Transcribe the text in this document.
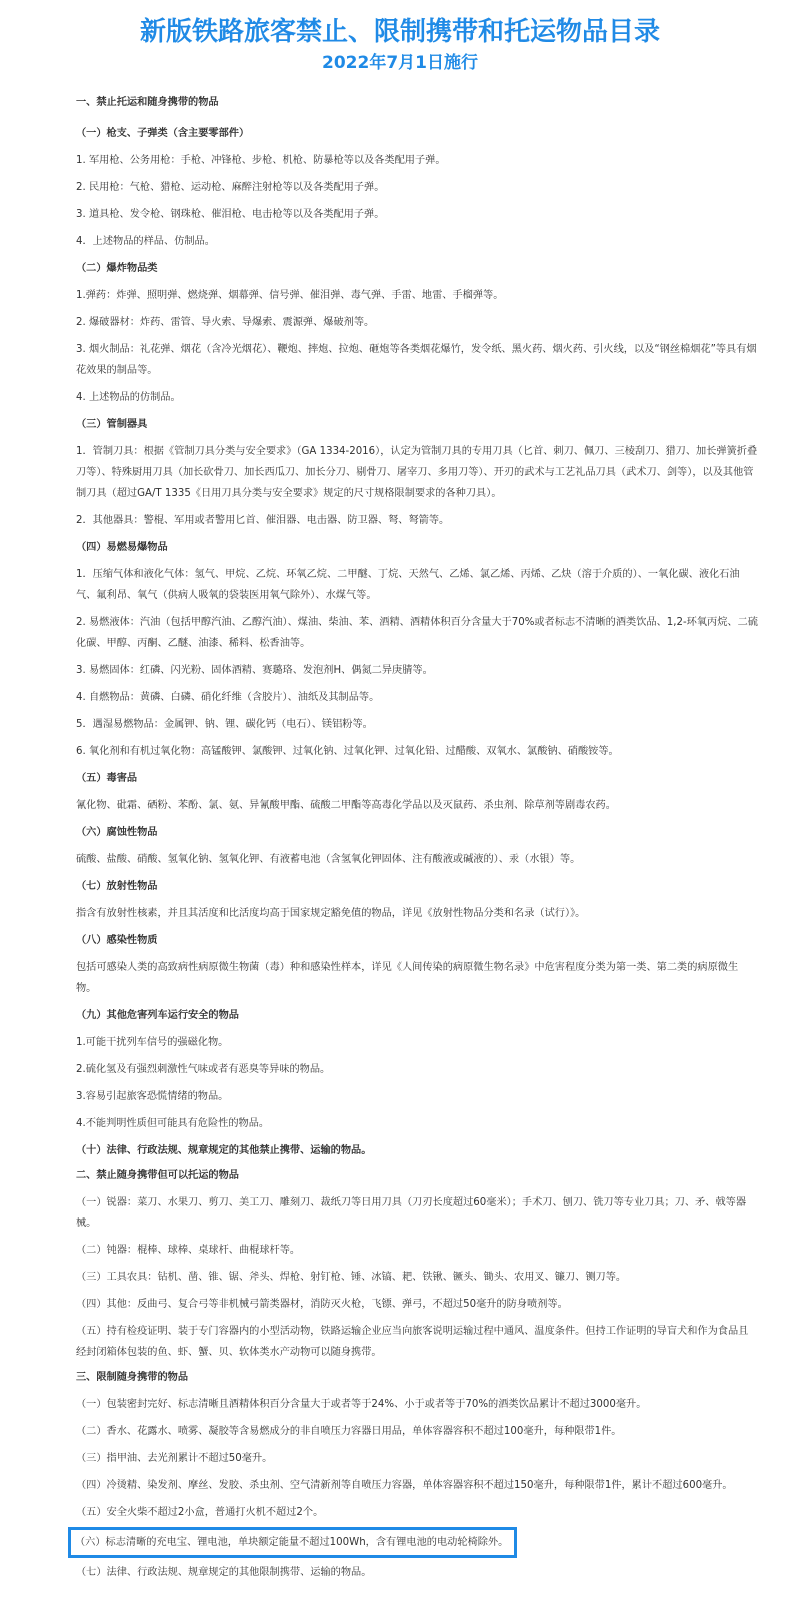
新版铁路旅客禁止、限制携带和托运物品目录
2022年7月1日施行

一、禁止托运和随身携带的物品

（一）枪支、子弹类（含主要零部件）

1. 军用枪、公务用枪：手枪、冲锋枪、步枪、机枪、防暴枪等以及各类配用子弹。

2. 民用枪：气枪、猎枪、运动枪、麻醉注射枪等以及各类配用子弹。

3. 道具枪、发令枪、钢珠枪、催泪枪、电击枪等以及各类配用子弹。

4．上述物品的样品、仿制品。

（二）爆炸物品类

1.弹药：炸弹、照明弹、燃烧弹、烟幕弹、信号弹、催泪弹、毒气弹、手雷、地雷、手榴弹等。

2. 爆破器材：炸药、雷管、导火索、导爆索、震源弹、爆破剂等。

3. 烟火制品：礼花弹、烟花（含冷光烟花）、鞭炮、摔炮、拉炮、砸炮等各类烟花爆竹，发令纸、黑火药、烟火药、引火线，以及“钢丝棉烟花”等具有烟花效果的制品等。

4. 上述物品的仿制品。

（三）管制器具

1．管制刀具：根据《管制刀具分类与安全要求》（GA 1334-2016），认定为管制刀具的专用刀具（匕首、刺刀、佩刀、三棱刮刀、猎刀、加长弹簧折叠刀等）、特殊厨用刀具（加长砍骨刀、加长西瓜刀、加长分刀、剔骨刀、屠宰刀、多用刀等）、开刃的武术与工艺礼品刀具（武术刀、剑等），以及其他管制刀具（超过GA/T 1335《日用刀具分类与安全要求》规定的尺寸规格限制要求的各种刀具）。

2．其他器具：警棍、军用或者警用匕首、催泪器、电击器、防卫器、弩、弩箭等。

（四）易燃易爆物品

1．压缩气体和液化气体：氢气、甲烷、乙烷、环氧乙烷、二甲醚、丁烷、天然气、乙烯、氯乙烯、丙烯、乙炔（溶于介质的）、一氧化碳、液化石油气、氟利昂、氧气（供病人吸氧的袋装医用氧气除外）、水煤气等。

2. 易燃液体：汽油（包括甲醇汽油、乙醇汽油）、煤油、柴油、苯、酒精、酒精体积百分含量大于70%或者标志不清晰的酒类饮品、1,2-环氧丙烷、二硫化碳、甲醇、丙酮、乙醚、油漆、稀料、松香油等。

3. 易燃固体：红磷、闪光粉、固体酒精、赛璐珞、发泡剂H、偶氮二异庚腈等。

4. 自燃物品：黄磷、白磷、硝化纤维（含胶片）、油纸及其制品等。

5．遇湿易燃物品：金属钾、钠、锂、碳化钙（电石）、镁铝粉等。

6. 氧化剂和有机过氧化物：高锰酸钾、氯酸钾、过氧化钠、过氧化钾、过氧化铅、过醋酸、双氧水、氯酸钠、硝酸铵等。

（五）毒害品

氰化物、砒霜、硒粉、苯酚、氯、氨、异氰酸甲酯、硫酸二甲酯等高毒化学品以及灭鼠药、杀虫剂、除草剂等剧毒农药。

（六）腐蚀性物品

硫酸、盐酸、硝酸、氢氧化钠、氢氧化钾、有液蓄电池（含氢氧化钾固体、注有酸液或碱液的）、汞（水银）等。

（七）放射性物品

指含有放射性核素，并且其活度和比活度均高于国家规定豁免值的物品，详见《放射性物品分类和名录（试行）》。

（八）感染性物质

包括可感染人类的高致病性病原微生物菌（毒）种和感染性样本，详见《人间传染的病原微生物名录》中危害程度分类为第一类、第二类的病原微生物。

（九）其他危害列车运行安全的物品

1.可能干扰列车信号的强磁化物。

2.硫化氢及有强烈刺激性气味或者有恶臭等异味的物品。

3.容易引起旅客恐慌情绪的物品。

4.不能判明性质但可能具有危险性的物品。

（十）法律、行政法规、规章规定的其他禁止携带、运输的物品。

二、禁止随身携带但可以托运的物品

（一）锐器：菜刀、水果刀、剪刀、美工刀、雕刻刀、裁纸刀等日用刀具（刀刃长度超过60毫米）；手术刀、刨刀、铣刀等专业刀具；刀、矛、戟等器械。

（二）钝器：棍棒、球棒、桌球杆、曲棍球杆等。

（三）工具农具：钻机、凿、锥、锯、斧头、焊枪、射钉枪、锤、冰镐、耙、铁锹、镢头、锄头、农用叉、镰刀、铡刀等。

（四）其他：反曲弓、复合弓等非机械弓箭类器材，消防灭火枪，飞镖、弹弓，不超过50毫升的防身喷剂等。

（五）持有检疫证明、装于专门容器内的小型活动物，铁路运输企业应当向旅客说明运输过程中通风、温度条件。但持工作证明的导盲犬和作为食品且经封闭箱体包装的鱼、虾、蟹、贝、软体类水产动物可以随身携带。

三、限制随身携带的物品

（一）包装密封完好、标志清晰且酒精体积百分含量大于或者等于24%、小于或者等于70%的酒类饮品累计不超过3000毫升。

（二）香水、花露水、喷雾、凝胶等含易燃成分的非自喷压力容器日用品，单体容器容积不超过100毫升，每种限带1件。

（三）指甲油、去光剂累计不超过50毫升。

（四）冷烫精、染发剂、摩丝、发胶、杀虫剂、空气清新剂等自喷压力容器，单体容器容积不超过150毫升，每种限带1件，累计不超过600毫升。

（五）安全火柴不超过2小盒，普通打火机不超过2个。

（六）标志清晰的充电宝、锂电池，单块额定能量不超过100Wh，含有锂电池的电动轮椅除外。

（七）法律、行政法规、规章规定的其他限制携带、运输的物品。
